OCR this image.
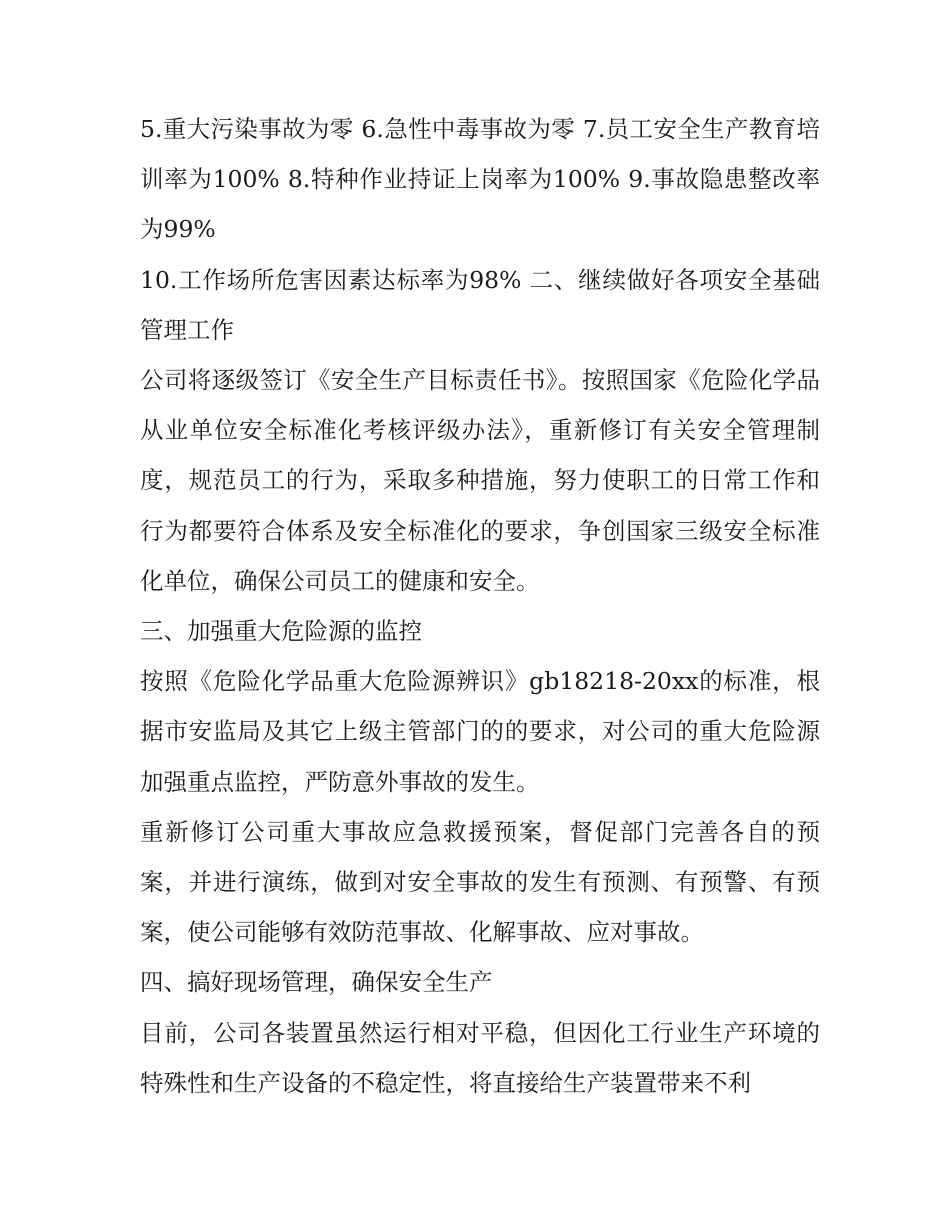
5.重大污染事故为零 6.急性中毒事故为零 7.员工安全生产教育培训率为100% 8.特种作业持证上岗率为100% 9.事故隐患整改率为99%

10.工作场所危害因素达标率为98% 二、继续做好各项安全基础管理工作

公司将逐级签订《安全生产目标责任书》。按照国家《危险化学品从业单位安全标准化考核评级办法》，重新修订有关安全管理制度，规范员工的行为，采取多种措施，努力使职工的日常工作和行为都要符合体系及安全标准化的要求，争创国家三级安全标准化单位，确保公司员工的健康和安全。

三、加强重大危险源的监控

按照《危险化学品重大危险源辨识》gb18218-20xx的标准，根据市安监局及其它上级主管部门的的要求，对公司的重大危险源加强重点监控，严防意外事故的发生。

重新修订公司重大事故应急救援预案，督促部门完善各自的预案，并进行演练，做到对安全事故的发生有预测、有预警、有预案，使公司能够有效防范事故、化解事故、应对事故。

四、搞好现场管理，确保安全生产

目前，公司各装置虽然运行相对平稳，但因化工行业生产环境的特殊性和生产设备的不稳定性，将直接给生产装置带来不利
